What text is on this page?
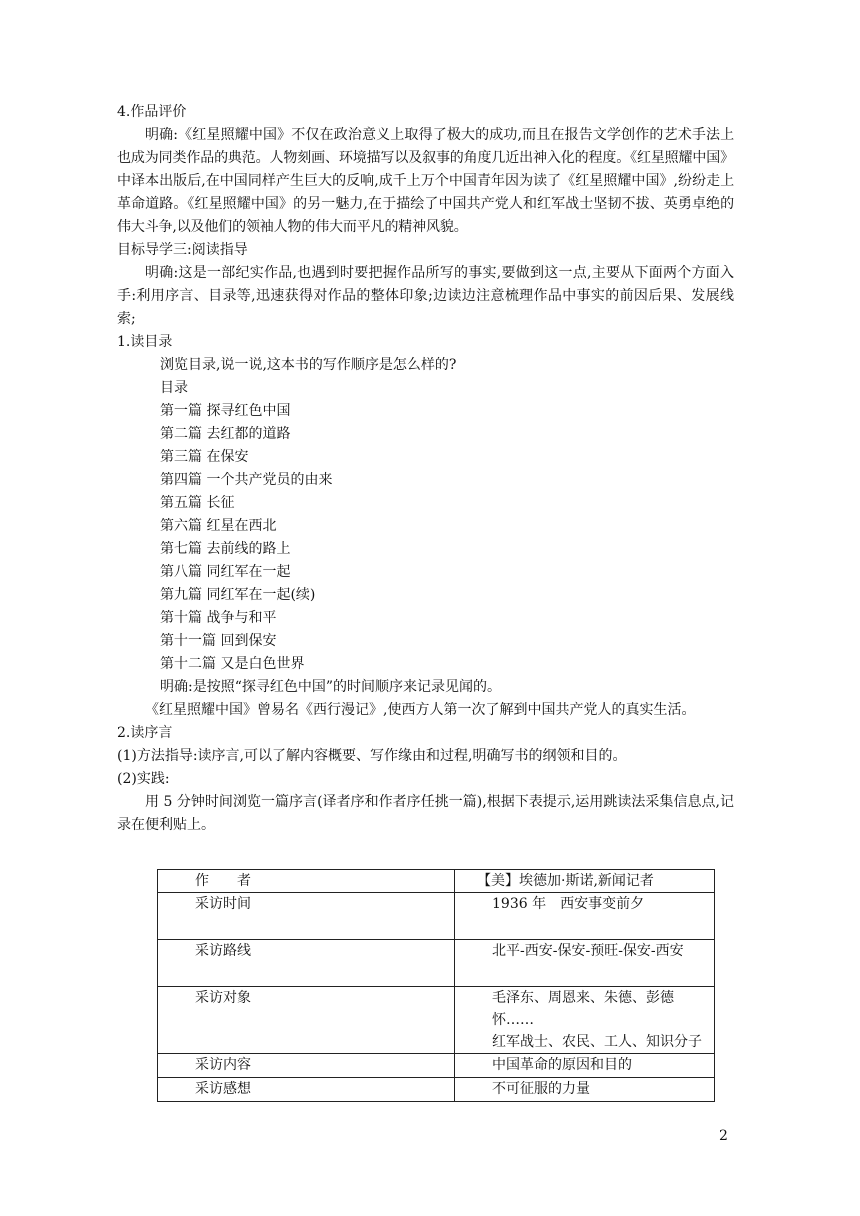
4.作品评价
明确:《红星照耀中国》不仅在政治意义上取得了极大的成功,而且在报告文学创作的艺术手法上也成为同类作品的典范。人物刻画、环境描写以及叙事的角度几近出神入化的程度。《红星照耀中国》中译本出版后,在中国同样产生巨大的反响,成千上万个中国青年因为读了《红星照耀中国》,纷纷走上革命道路。《红星照耀中国》的另一魅力,在于描绘了中国共产党人和红军战士坚韧不拔、英勇卓绝的伟大斗争,以及他们的领袖人物的伟大而平凡的精神风貌。
目标导学三:阅读指导
明确:这是一部纪实作品,也遇到时要把握作品所写的事实,要做到这一点,主要从下面两个方面入手:利用序言、目录等,迅速获得对作品的整体印象;边读边注意梳理作品中事实的前因后果、发展线索;
1.读目录
浏览目录,说一说,这本书的写作顺序是怎么样的?
目录
第一篇 探寻红色中国
第二篇 去红都的道路
第三篇 在保安
第四篇 一个共产党员的由来
第五篇 长征
第六篇 红星在西北
第七篇 去前线的路上
第八篇 同红军在一起
第九篇 同红军在一起(续)
第十篇 战争与和平
第十一篇 回到保安
第十二篇 又是白色世界
明确:是按照“探寻红色中国”的时间顺序来记录见闻的。
《红星照耀中国》曾易名《西行漫记》,使西方人第一次了解到中国共产党人的真实生活。
2.读序言
(1)方法指导:读序言,可以了解内容概要、写作缘由和过程,明确写书的纲领和目的。
(2)实践:
用 5 分钟时间浏览一篇序言(译者序和作者序任挑一篇),根据下表提示,运用跳读法采集信息点,记录在便利贴上。
作者	【美】埃德加·斯诺,新闻记者
采访时间	1936 年　西安事变前夕
采访路线	北平-西安-保安-预旺-保安-西安
采访对象	毛泽东、周恩来、朱德、彭德怀……
红军战士、农民、工人、知识分子

采访内容	中国革命的原因和目的
采访感想	不可征服的力量
2
